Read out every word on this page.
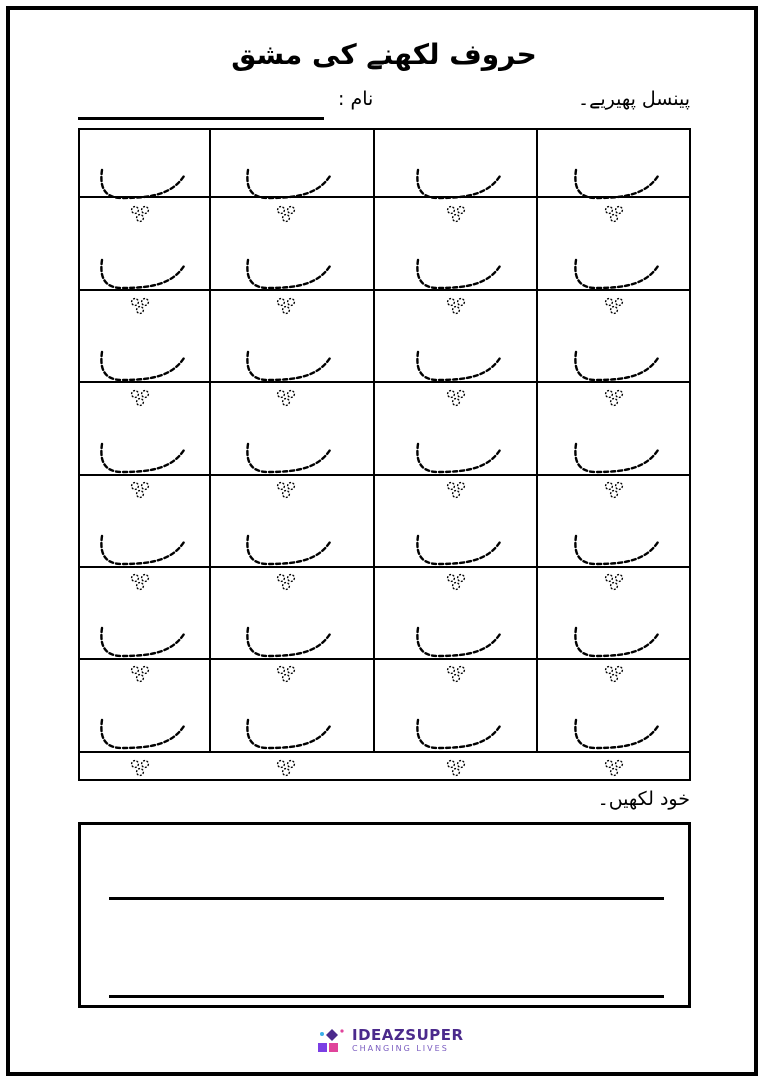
حروف لکھنے کی مشق
پینسل پھیریے۔
نام :
خود لکھیں۔
IDEAZSUPER
CHANGING LIVES
